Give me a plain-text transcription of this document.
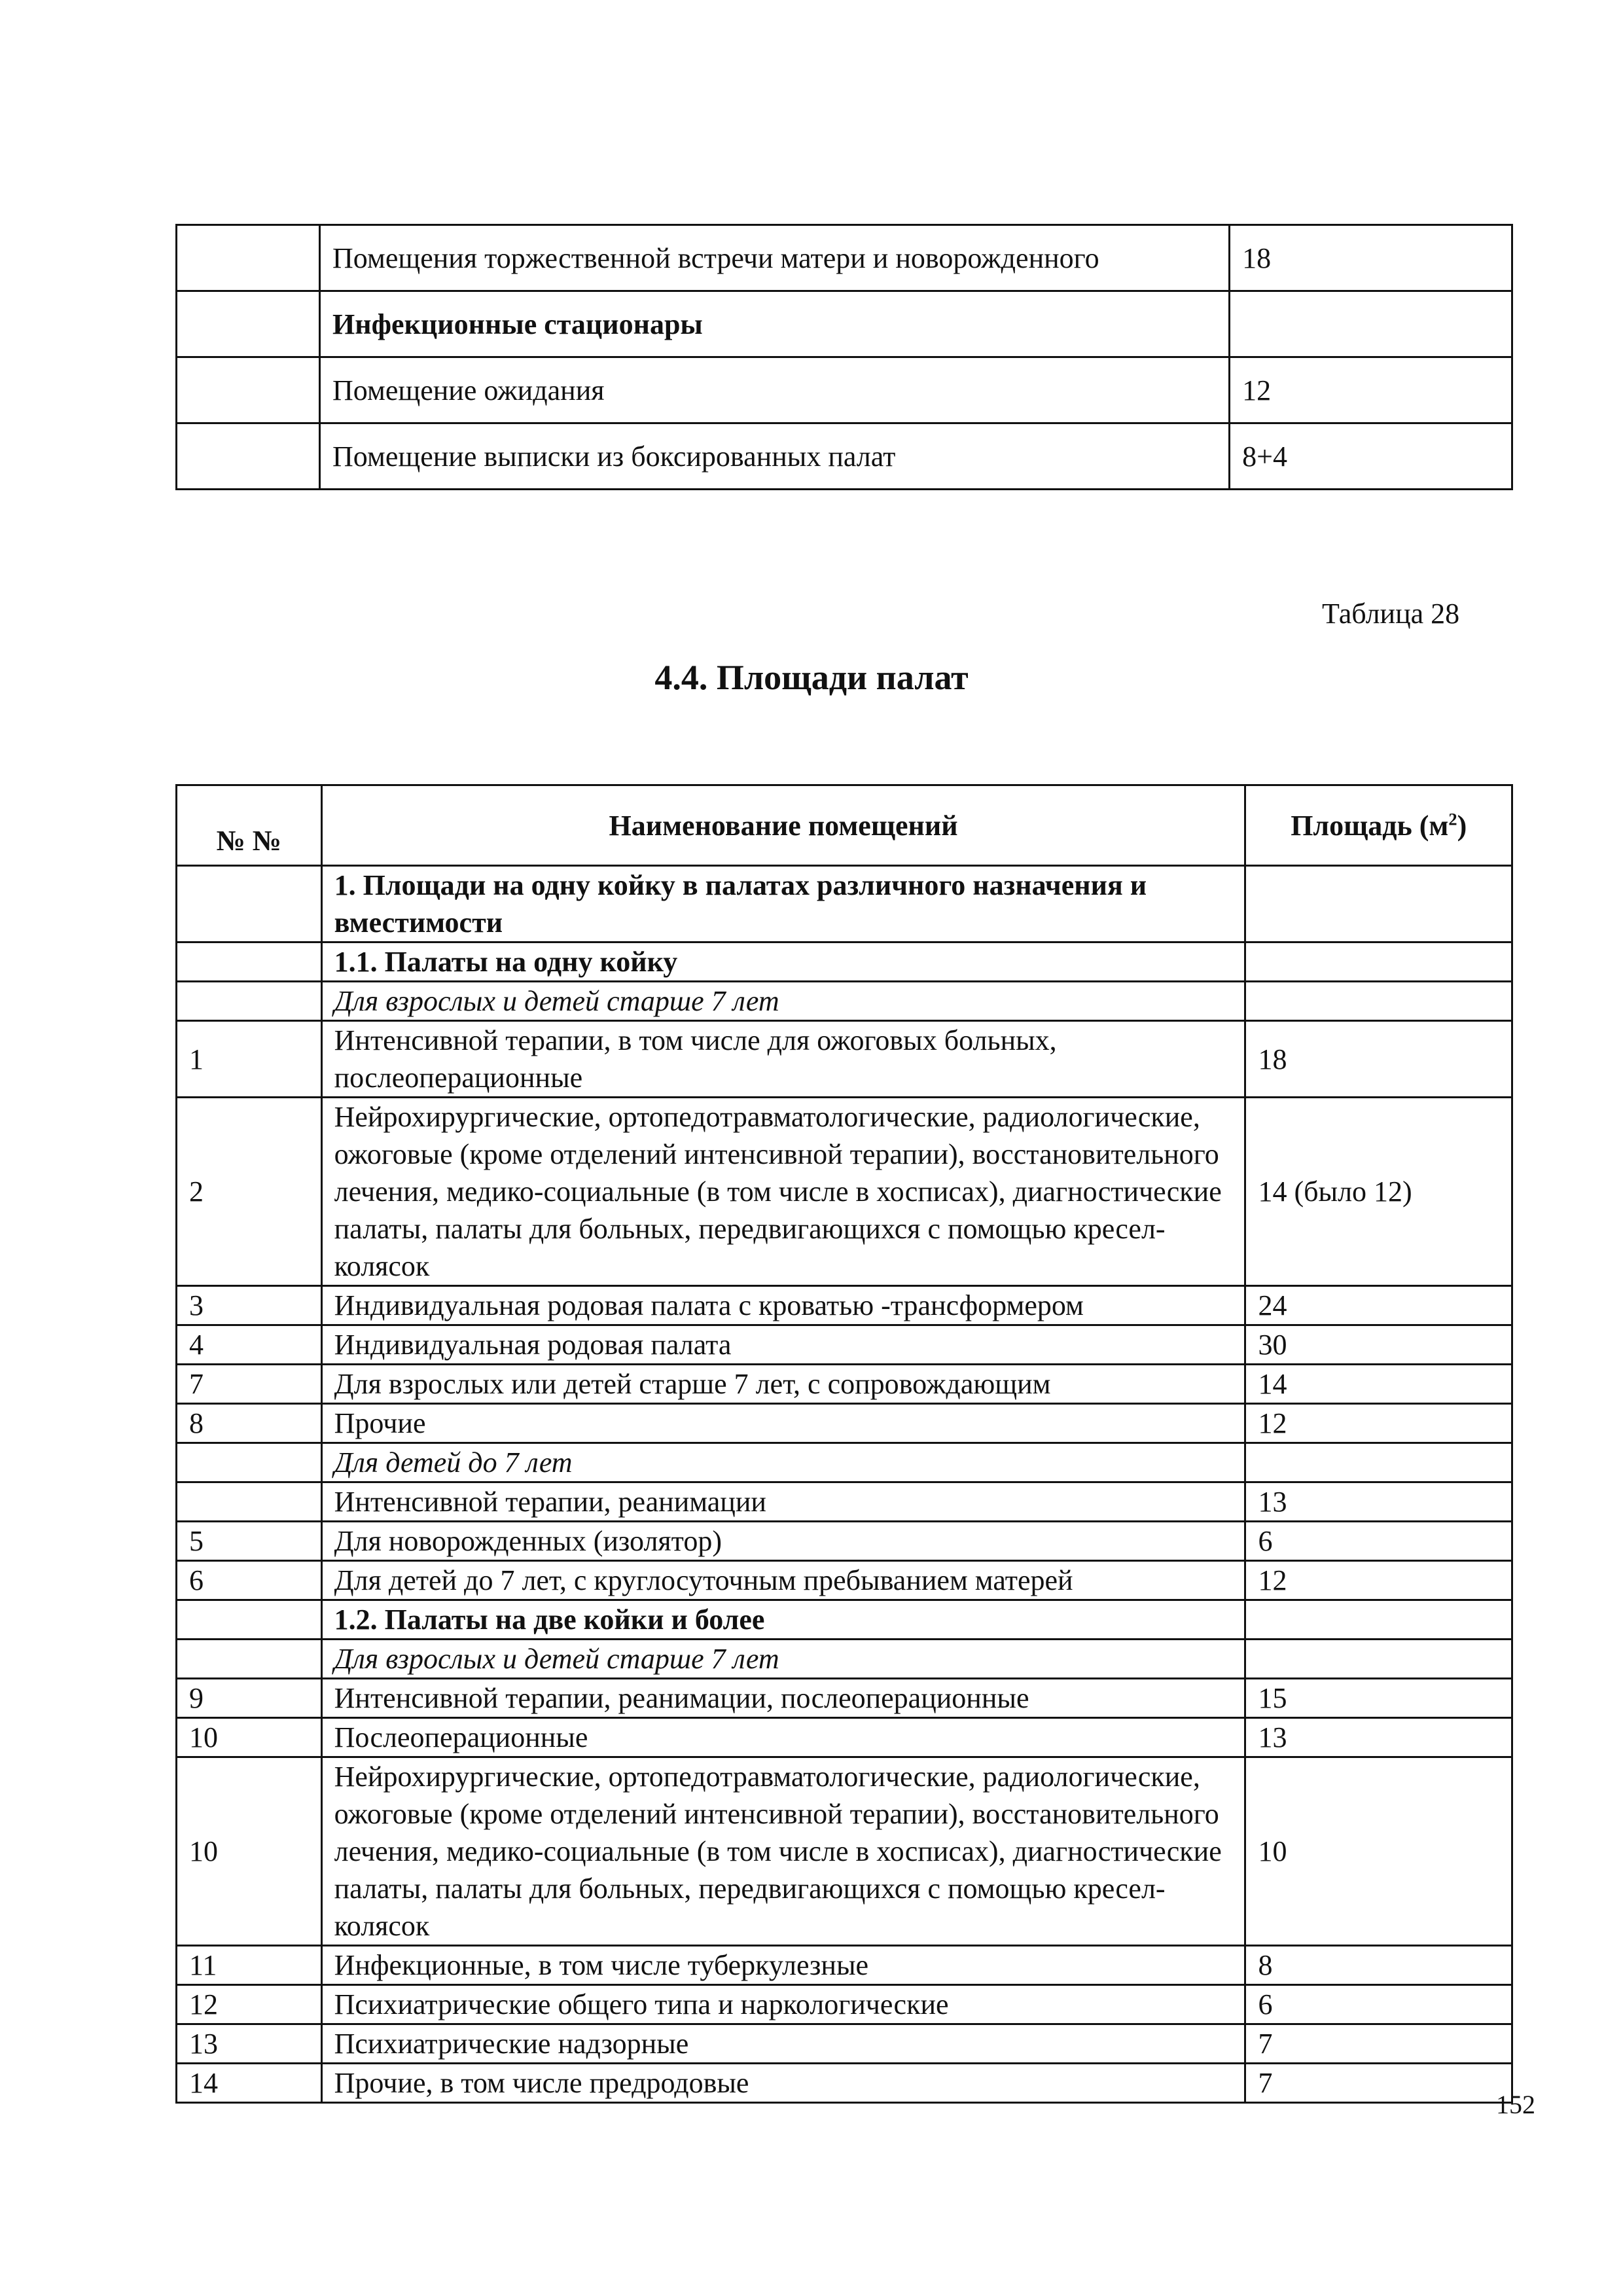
	Помещения торжественной встречи матери и новорожденного	18
	Инфекционные стационары	
	Помещение ожидания	12
	Помещение выписки из боксированных палат	8+4
Таблица 28
4.4. Площади палат
№ №	Наименование помещений	Площадь $(м^2)$
	1. Площади на одну койку в палатах различного назначения и вместимости	
	1.1. Палаты на одну койку	
	Для взрослых и детей старше 7 лет	
1	Интенсивной терапии, в том числе для ожоговых больных, послеоперационные	18
2	Нейрохирургические, ортопедотравматологические, радиологические, ожоговые (кроме отделений интенсивной терапии), восстановительного лечения, медико-социальные (в том числе в хосписах), диагностические палаты, палаты для больных, передвигающихся с помощью кресел-колясок	14 (было 12)
3	Индивидуальная родовая палата с кроватью -трансформером	24
4	Индивидуальная родовая палата	30
7	Для взрослых или детей старше 7 лет, с сопровождающим	14
8	Прочие	12
	Для детей до 7 лет	
	Интенсивной терапии, реанимации	13
5	Для новорожденных (изолятор)	6
6	Для детей до 7 лет, с круглосуточным пребыванием матерей	12
	1.2. Палаты на две койки и более	
	Для взрослых и детей старше 7 лет	
9	Интенсивной терапии, реанимации, послеоперационные	15
10	Послеоперационные	13
10	Нейрохирургические, ортопедотравматологические, радиологические, ожоговые (кроме отделений интенсивной терапии), восстановительного лечения, медико-социальные (в том числе в хосписах), диагностические палаты, палаты для больных, передвигающихся с помощью кресел-колясок	10
11	Инфекционные, в том числе туберкулезные	8
12	Психиатрические общего типа и наркологические	6
13	Психиатрические надзорные	7
14	Прочие, в том числе предродовые	7
152
